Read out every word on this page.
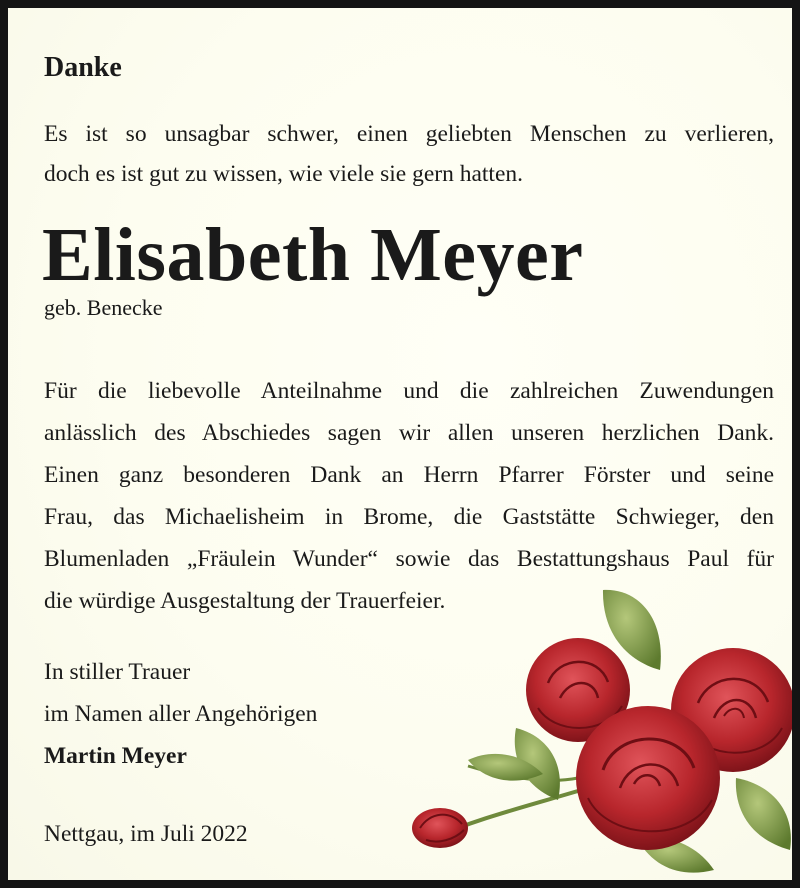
Danke
Es ist so unsagbar schwer, einen geliebten Menschen zu verlieren,
doch es ist gut zu wissen, wie viele sie gern hatten.
Elisabeth Meyer
geb. Benecke
Für die liebevolle Anteilnahme und die zahlreichen Zuwendungen
anlässlich des Abschiedes sagen wir allen unseren herzlichen Dank.
Einen ganz besonderen Dank an Herrn Pfarrer Förster und seine
Frau, das Michaelisheim in Brome, die Gaststätte Schwieger, den
Blumenladen „Fräulein Wunder“ sowie das Bestattungshaus Paul für
die würdige Ausgestaltung der Trauerfeier.
In stiller Trauer
im Namen aller Angehörigen
Martin Meyer
Nettgau, im Juli 2022
